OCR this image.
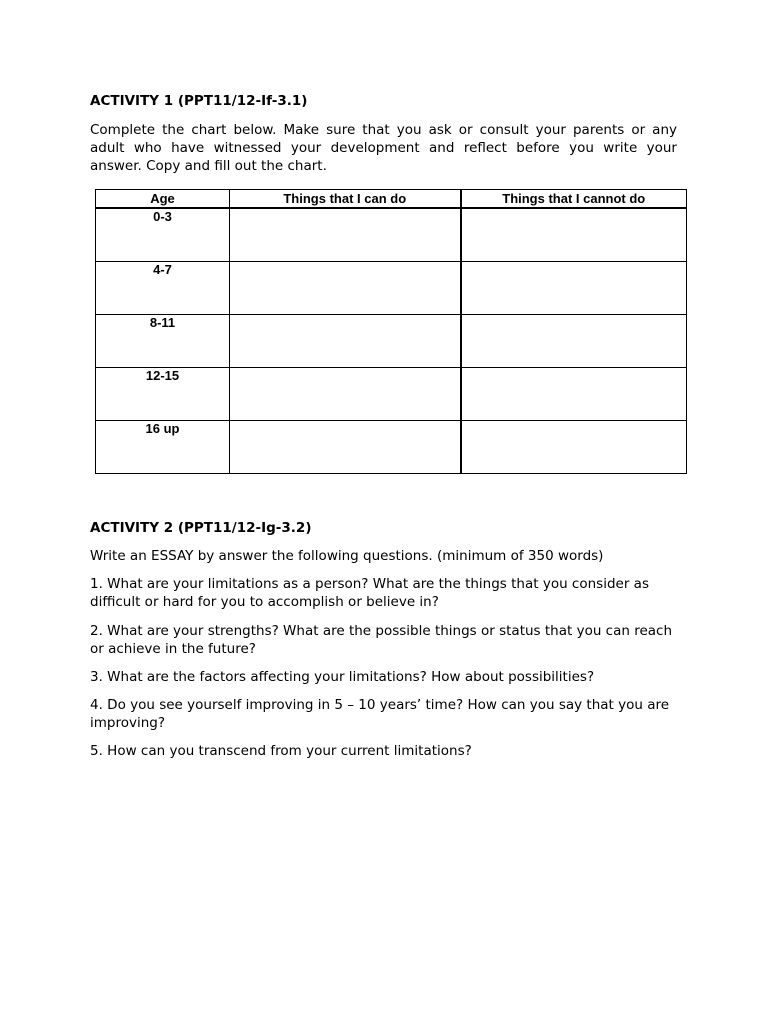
ACTIVITY 1 (PPT11/12-If-3.1)

Complete the chart below. Make sure that you ask or consult your parents or any adult who have witnessed your development and reflect before you write your answer. Copy and fill out the chart.

Age	Things that I can do	Things that I cannot do
0-3		
4-7		
8-11		
12-15		
16 up		

ACTIVITY 2 (PPT11/12-Ig-3.2)

Write an ESSAY by answer the following questions. (minimum of 350 words)

1. What are your limitations as a person? What are the things that you consider as difficult or hard for you to accomplish or believe in?

2. What are your strengths? What are the possible things or status that you can reach or achieve in the future?

3. What are the factors affecting your limitations? How about possibilities?

4. Do you see yourself improving in 5 – 10 years’ time? How can you say that you are improving?

5. How can you transcend from your current limitations?
